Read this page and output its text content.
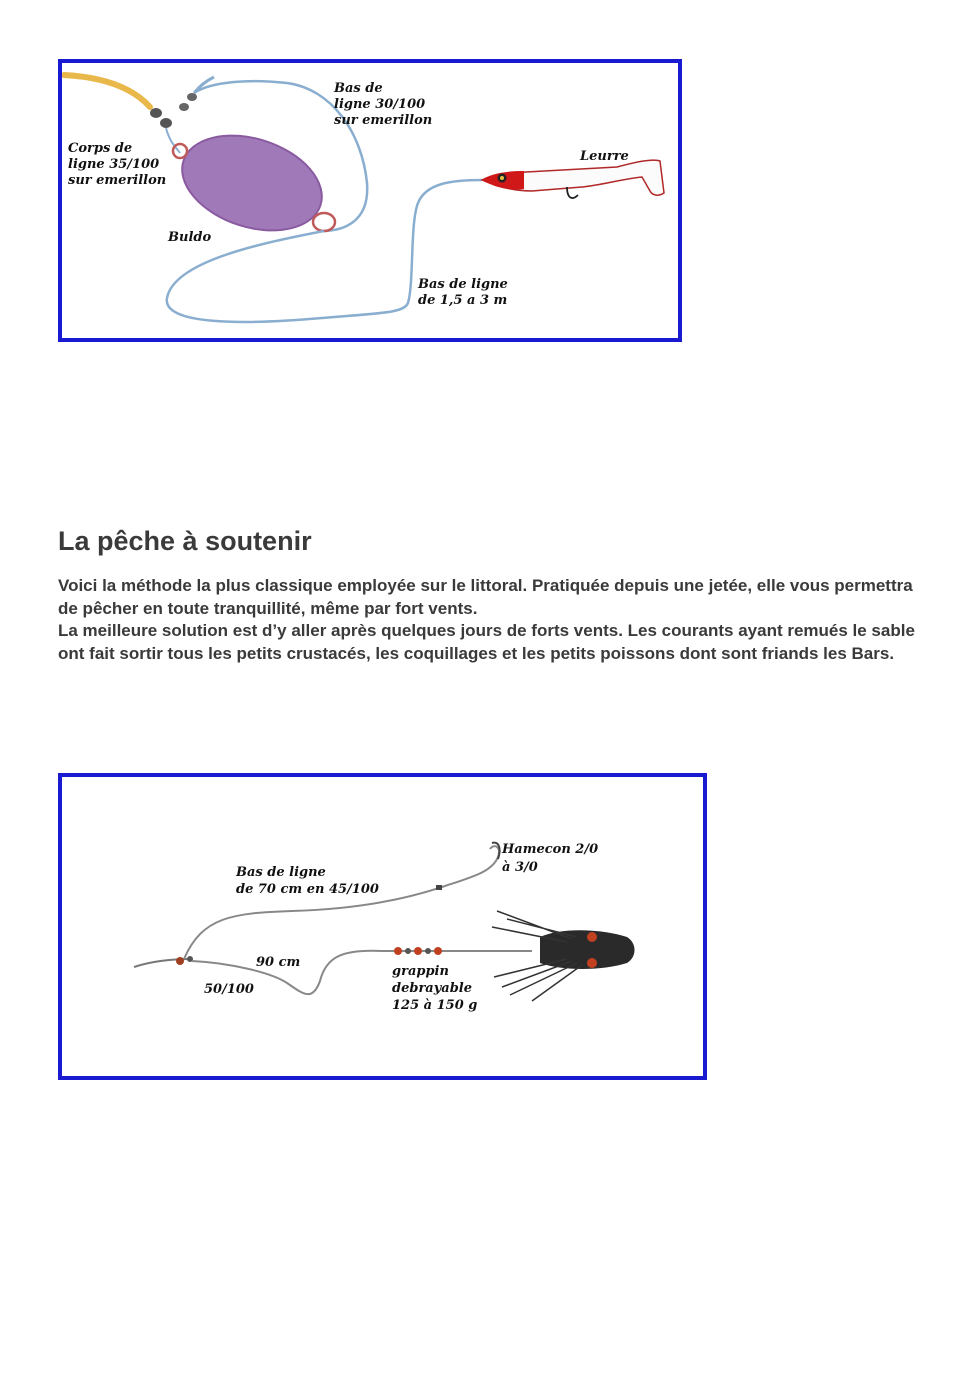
Bas de
ligne 30/100
sur emerillon
Corps de
ligne 35/100
sur emerillon
Leurre
Buldo
Bas de ligne
de 1,5 a 3 m
La pêche à soutenir

Voici la méthode la plus classique employée sur le littoral. Pratiquée depuis une jetée, elle vous permettra de pêcher en toute tranquillité, même par fort vents.

La meilleure solution est d’y aller après quelques jours de forts vents. Les courants ayant remués le sable ont fait sortir tous les petits crustacés, les coquillages et les petits poissons dont sont friands les Bars.

Hamecon 2/0
à 3/0
Bas de ligne
de 70 cm en 45/100
90 cm
50/100
grappin
debrayable
125 à 150 g
